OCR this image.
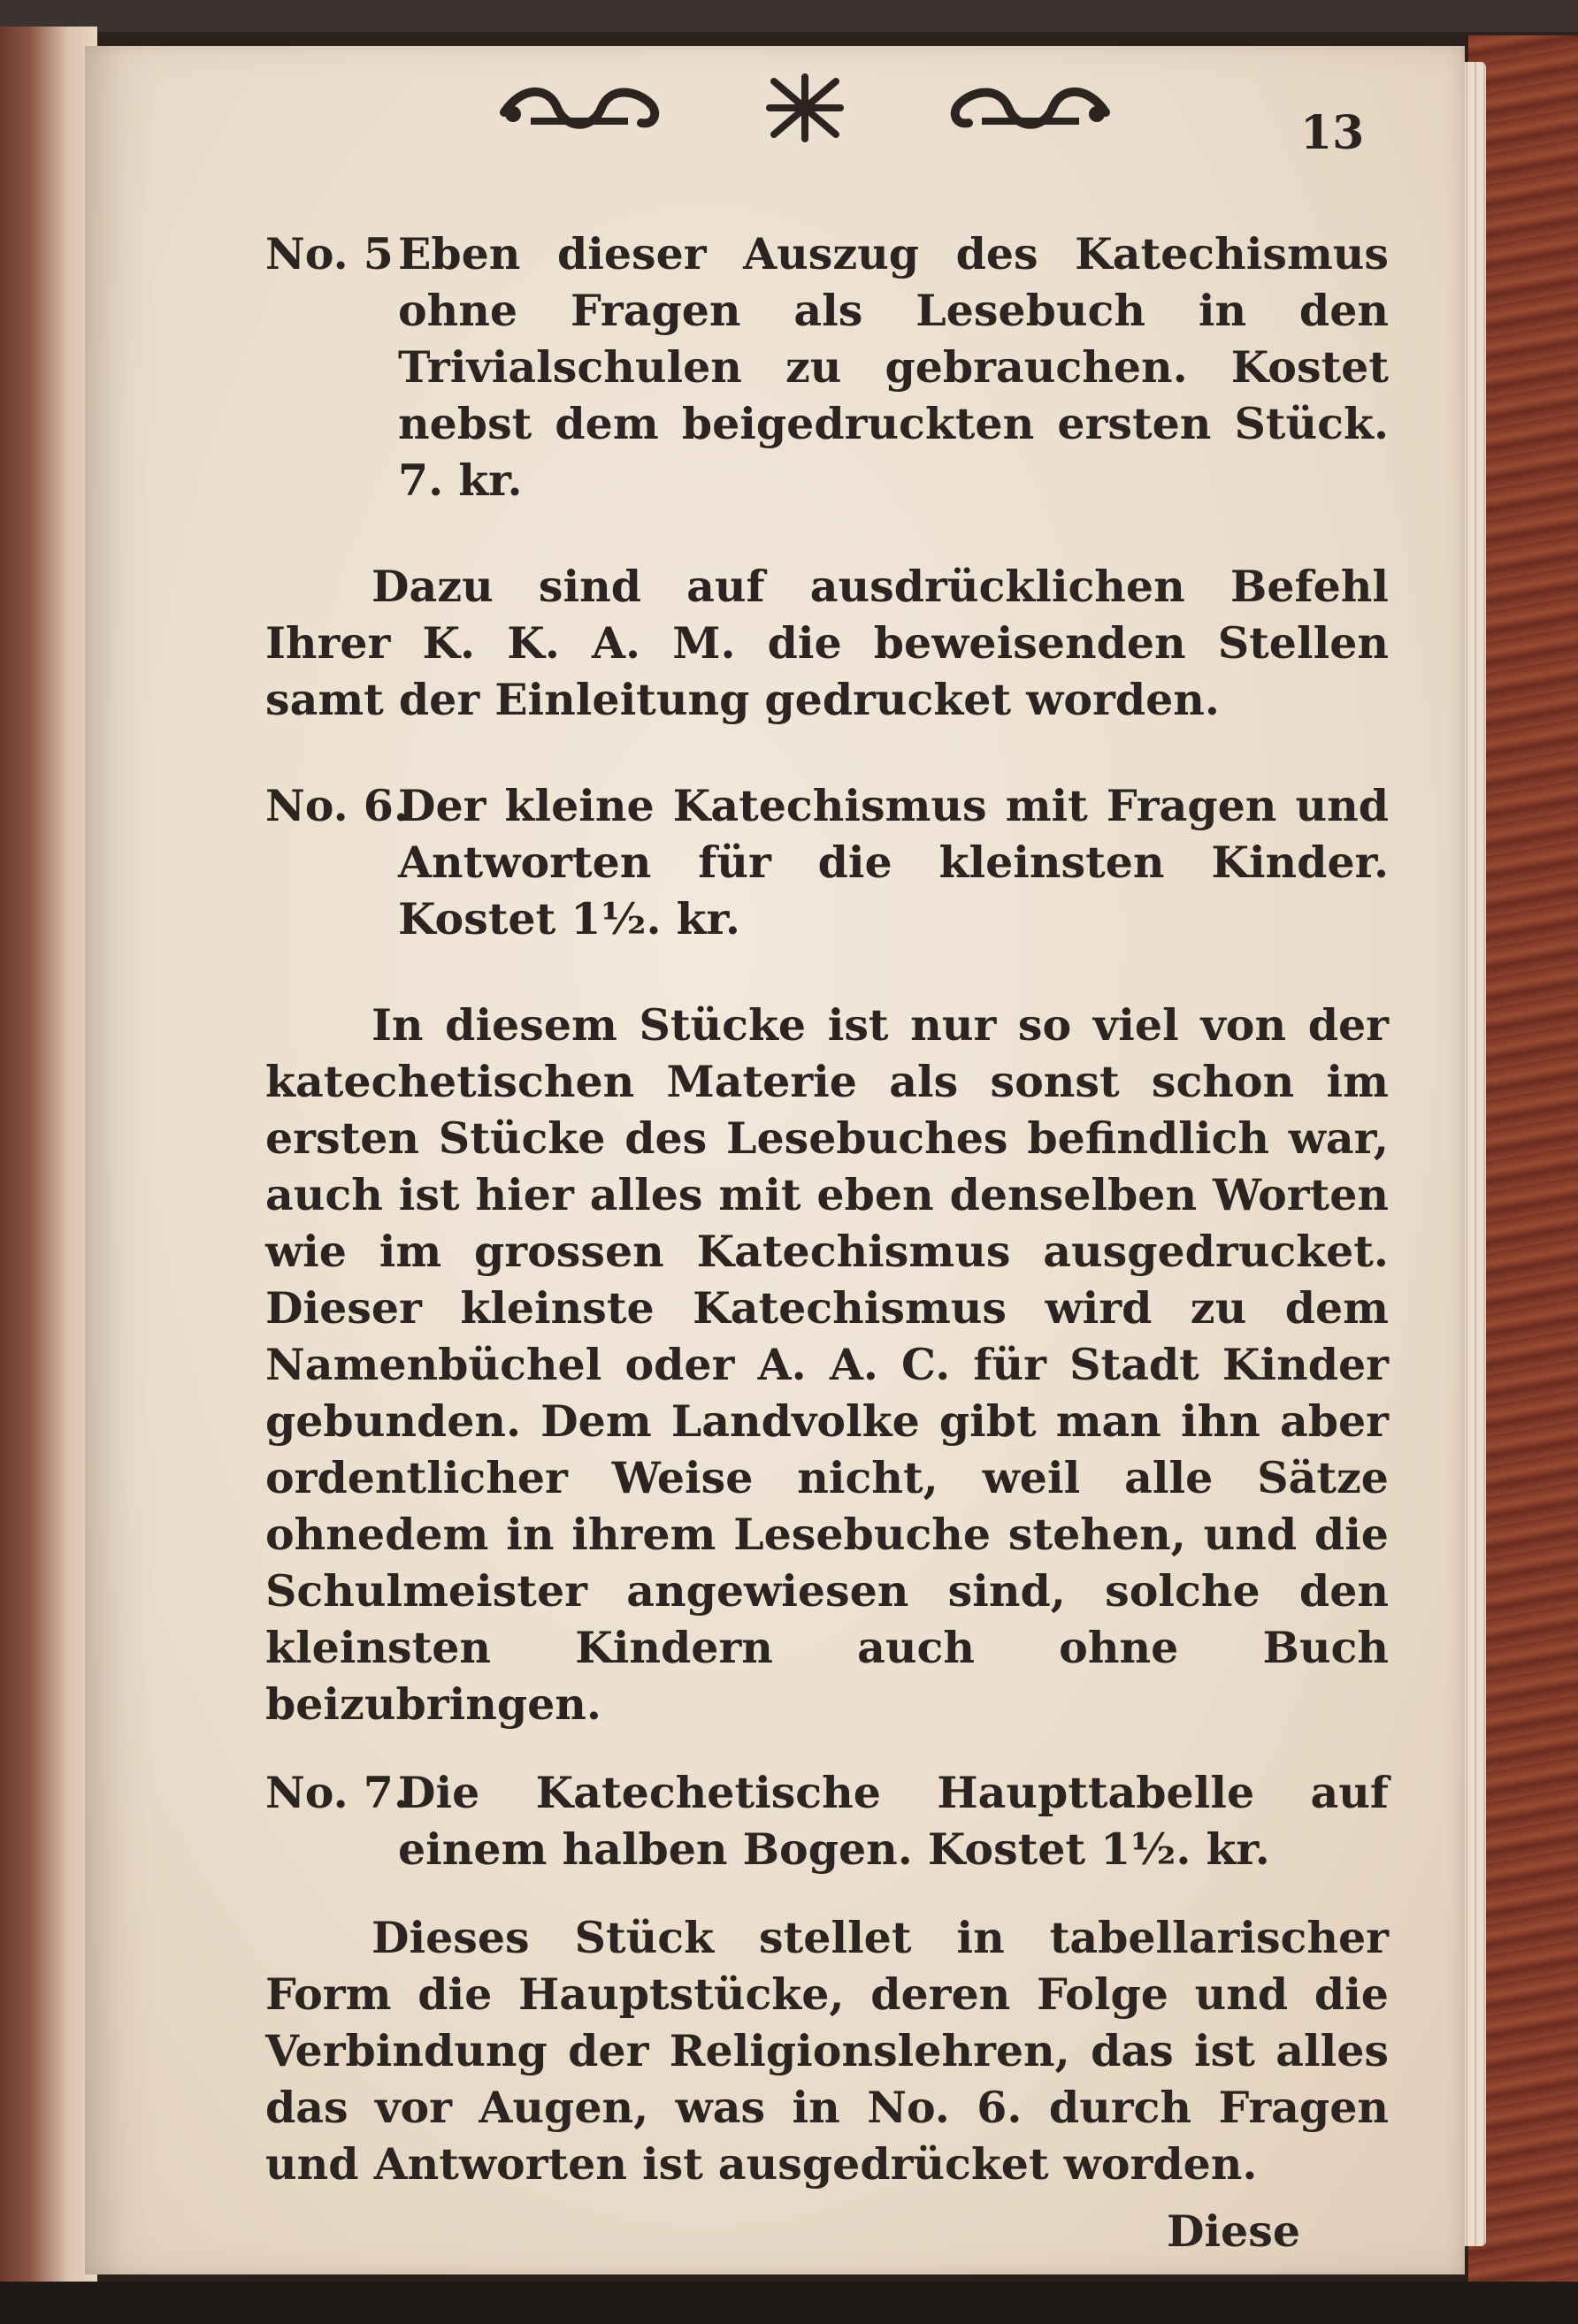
13
No. 5 Eben dieser Auszug des Katechismus ohne Fragen als Lesebuch in den Trivialschulen zu gebrauchen. Kostet nebst dem beigedruckten ersten Stück. 7. kr.

Dazu sind auf ausdrücklichen Befehl Ihrer K. K. A. M. die beweisenden Stellen samt der Einleitung gedrucket worden.

No. 6.
Der kleine Katechismus mit Fragen und Antworten für die kleinsten Kinder. Kostet 1½. kr.

In diesem Stücke ist nur so viel von der katechetischen Materie als sonst schon im ersten Stücke des Lesebuches befindlich war, auch ist hier alles mit eben denselben Worten wie im grossen Katechismus ausgedrucket. Dieser kleinste Katechismus wird zu dem Namenbüchel oder A. A. C. für Stadt Kinder gebunden. Dem Landvolke gibt man ihn aber ordentlicher Weise nicht, weil alle Sätze ohnedem in ihrem Lesebuche stehen, und die Schulmeister angewiesen sind, solche den kleinsten Kindern auch ohne Buch beizubringen.

No. 7.
Die Katechetische Haupttabelle auf einem halben Bogen. Kostet 1½. kr.

Dieses Stück stellet in tabellarischer Form die Hauptstücke, deren Folge und die Verbindung der Religionslehren, das ist alles das vor Augen, was in No. 6. durch Fragen und Antworten ist ausgedrücket worden.

Diese
